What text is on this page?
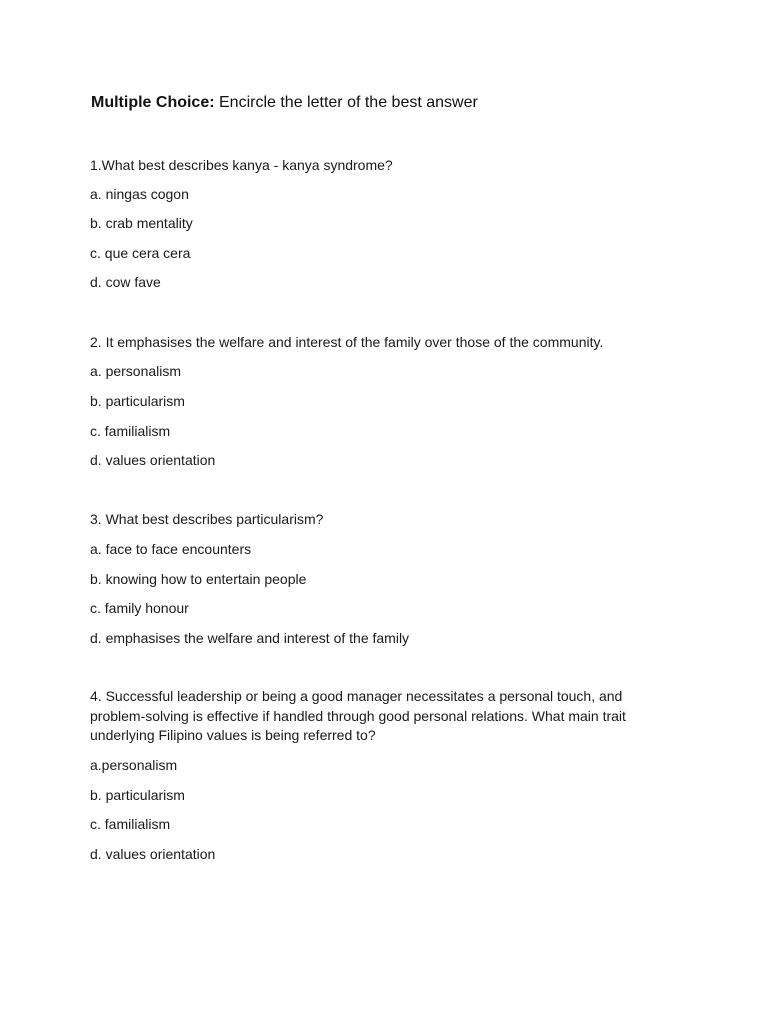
Multiple Choice: Encircle the letter of the best answer
1.What best describes kanya - kanya syndrome?
a. ningas cogon
b. crab mentality
c. que cera cera
d. cow fave
2. It emphasises the welfare and interest of the family over those of the community.
a. personalism
b. particularism
c. familialism
d. values orientation
3. What best describes particularism?
a. face to face encounters
b. knowing how to entertain people
c. family honour
d. emphasises the welfare and interest of the family
4. Successful leadership or being a good manager necessitates a personal touch, and problem-solving is effective if handled through good personal relations. What main trait underlying Filipino values is being referred to?
a.personalism
b. particularism
c. familialism
d. values orientation
